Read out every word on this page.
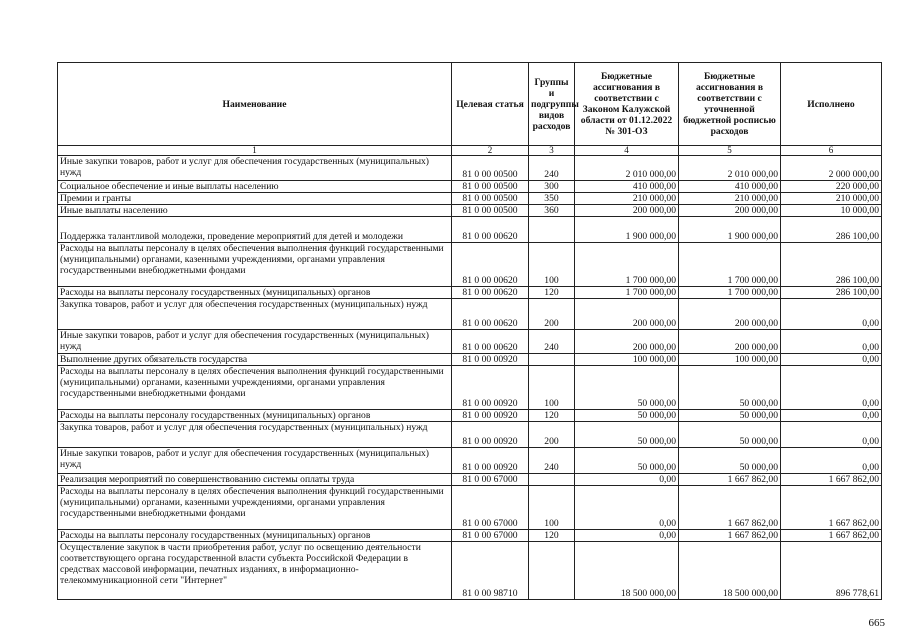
Наименование	Целевая статья	Группы и подгруппы видов расходов	Бюджетные ассигнования в соответствии с Законом Калужской области от 01.12.2022 № 301-ОЗ	Бюджетные ассигнования в соответствии с уточненной бюджетной росписью расходов	Исполнено
1	2	3	4	5	6
Иные закупки товаров, работ и услуг для обеспечения государственных (муниципальных) нужд	81 0 00 00500	240	2 010 000,00	2 010 000,00	2 000 000,00
Социальное обеспечение и иные выплаты населению	81 0 00 00500	300	410 000,00	410 000,00	220 000,00
Премии и гранты	81 0 00 00500	350	210 000,00	210 000,00	210 000,00
Иные выплаты населению	81 0 00 00500	360	200 000,00	200 000,00	10 000,00
Поддержка талантливой молодежи, проведение мероприятий для детей и молодежи	81 0 00 00620		1 900 000,00	1 900 000,00	286 100,00
Расходы на выплаты персоналу в целях обеспечения выполнения функций государственными (муниципальными) органами, казенными учреждениями, органами управления государственными внебюджетными фондами	81 0 00 00620	100	1 700 000,00	1 700 000,00	286 100,00
Расходы на выплаты персоналу государственных (муниципальных) органов	81 0 00 00620	120	1 700 000,00	1 700 000,00	286 100,00
Закупка товаров, работ и услуг для обеспечения государственных (муниципальных) нужд	81 0 00 00620	200	200 000,00	200 000,00	0,00
Иные закупки товаров, работ и услуг для обеспечения государственных (муниципальных) нужд	81 0 00 00620	240	200 000,00	200 000,00	0,00
Выполнение других обязательств государства	81 0 00 00920		100 000,00	100 000,00	0,00
Расходы на выплаты персоналу в целях обеспечения выполнения функций государственными (муниципальными) органами, казенными учреждениями, органами управления государственными внебюджетными фондами	81 0 00 00920	100	50 000,00	50 000,00	0,00
Расходы на выплаты персоналу государственных (муниципальных) органов	81 0 00 00920	120	50 000,00	50 000,00	0,00
Закупка товаров, работ и услуг для обеспечения государственных (муниципальных) нужд	81 0 00 00920	200	50 000,00	50 000,00	0,00
Иные закупки товаров, работ и услуг для обеспечения государственных (муниципальных) нужд	81 0 00 00920	240	50 000,00	50 000,00	0,00
Реализация мероприятий по совершенствованию системы оплаты труда	81 0 00 67000		0,00	1 667 862,00	1 667 862,00
Расходы на выплаты персоналу в целях обеспечения выполнения функций государственными (муниципальными) органами, казенными учреждениями, органами управления государственными внебюджетными фондами	81 0 00 67000	100	0,00	1 667 862,00	1 667 862,00
Расходы на выплаты персоналу государственных (муниципальных) органов	81 0 00 67000	120	0,00	1 667 862,00	1 667 862,00
Осуществление закупок в части приобретения работ, услуг по освещению деятельности соответствующего органа государственной власти субъекта Российской Федерации в средствах массовой информации, печатных изданиях, в информационно-телекоммуникационной сети "Интернет"	81 0 00 98710		18 500 000,00	18 500 000,00	896 778,61
665
